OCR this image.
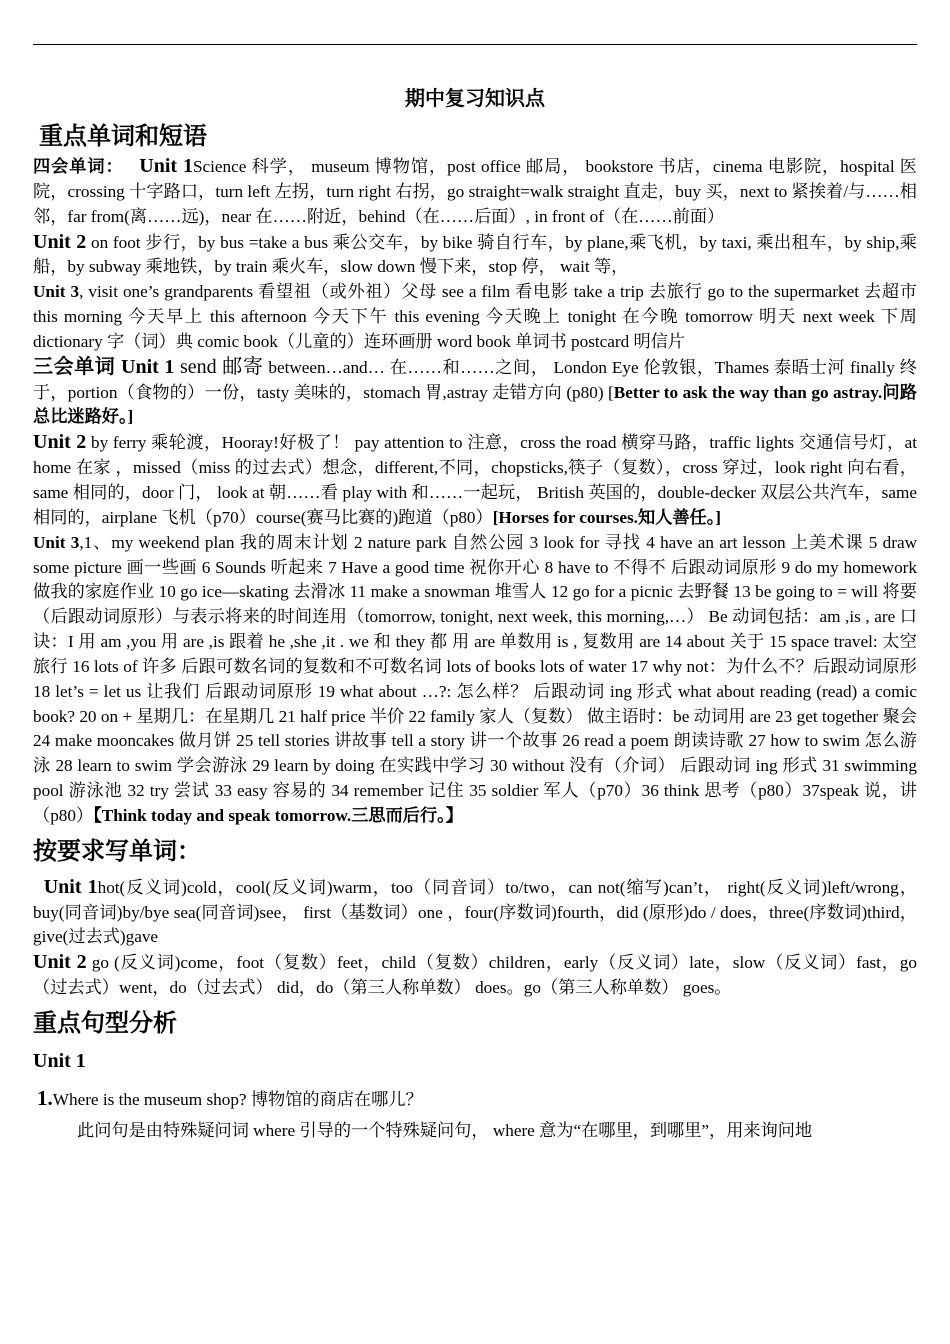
期中复习知识点
重点单词和短语

四会单词： Unit 1Science 科学， museum 博物馆，post office 邮局， bookstore 书店，cinema 电影院，hospital 医院，crossing 十字路口，turn left 左拐，turn right 右拐，go straight=walk straight 直走，buy 买，next to 紧挨着/与……相邻，far from(离……远)，near 在……附近，behind（在……后面）, in front of（在……前面）

Unit 2 on foot 步行，by bus =take a bus 乘公交车，by bike 骑自行车，by plane,乘飞机，by taxi, 乘出租车，by ship,乘船，by subway 乘地铁，by train 乘火车，slow down 慢下来，stop 停， wait 等，

Unit 3, visit one’s grandparents 看望祖（或外祖）父母 see a film 看电影 take a trip 去旅行 go to the supermarket 去超市 this morning 今天早上 this afternoon 今天下午 this evening 今天晚上 tonight 在今晚 tomorrow 明天 next week 下周 dictionary 字（词）典 comic book（儿童的）连环画册 word book 单词书 postcard 明信片

三会单词 Unit 1 send 邮寄 between…and… 在……和……之间， London Eye 伦敦银，Thames 泰晤士河 finally 终于，portion（食物的）一份，tasty 美味的，stomach 胃,astray 走错方向 (p80) [Better to ask the way than go astray.问路总比迷路好。]

Unit 2 by ferry 乘轮渡，Hooray!好极了！ pay attention to 注意，cross the road 横穿马路，traffic lights 交通信号灯，at home 在家 ，missed（miss 的过去式）想念，different,不同，chopsticks,筷子（复数），cross 穿过，look right 向右看，same 相同的，door 门， look at 朝……看 play with 和……一起玩， British 英国的，double-decker 双层公共汽车，same 相同的，airplane 飞机（p70）course(赛马比赛的)跑道（p80）[Horses for courses.知人善任。]

Unit 3,1、my weekend plan 我的周末计划 2 nature park 自然公园 3 look for 寻找 4 have an art lesson 上美术课 5 draw some picture 画一些画 6 Sounds 听起来 7 Have a good time 祝你开心 8 have to 不得不 后跟动词原形 9 do my homework 做我的家庭作业 10 go ice—skating 去滑冰 11 make a snowman 堆雪人 12 go for a picnic 去野餐 13 be going to = will 将要 （后跟动词原形）与表示将来的时间连用（tomorrow, tonight, next week, this morning,…） Be 动词包括：am ,is , are 口诀：I 用 am ,you 用 are ,is 跟着 he ,she ,it . we 和 they 都 用 are 单数用 is , 复数用 are 14 about 关于 15 space travel: 太空旅行 16 lots of 许多 后跟可数名词的复数和不可数名词 lots of books lots of water 17 why not：为什么不？后跟动词原形 18 let’s = let us 让我们 后跟动词原形 19 what about …?: 怎么样？ 后跟动词 ing 形式 what about reading (read) a comic book? 20 on + 星期几：在星期几 21 half price 半价 22 family 家人（复数） 做主语时：be 动词用 are 23 get together 聚会 24 make mooncakes 做月饼 25 tell stories 讲故事 tell a story 讲一个故事 26 read a poem 朗读诗歌 27 how to swim 怎么游泳 28 learn to swim 学会游泳 29 learn by doing 在实践中学习 30 without 没有（介词） 后跟动词 ing 形式 31 swimming pool 游泳池 32 try 尝试 33 easy 容易的 34 remember 记住 35 soldier 军人（p70）36 think 思考（p80）37speak 说，讲（p80）【Think today and speak tomorrow.三思而后行。】

按要求写单词：

Unit 1hot(反义词)cold，cool(反义词)warm，too（同音词）to/two，can not(缩写)can’t， right(反义词)left/wrong，buy(同音词)by/bye sea(同音词)see， first（基数词）one ，four(序数词)fourth，did (原形)do / does，three(序数词)third， give(过去式)gave

Unit 2 go (反义词)come，foot（复数）feet，child（复数）children，early（反义词）late，slow（反义词）fast，go（过去式）went，do（过去式） did，do（第三人称单数） does。go（第三人称单数） goes。

重点句型分析
Unit 1

1.Where is the museum shop? 博物馆的商店在哪儿？

此问句是由特殊疑问词 where 引导的一个特殊疑问句， where 意为“在哪里，到哪里”，用来询问地
